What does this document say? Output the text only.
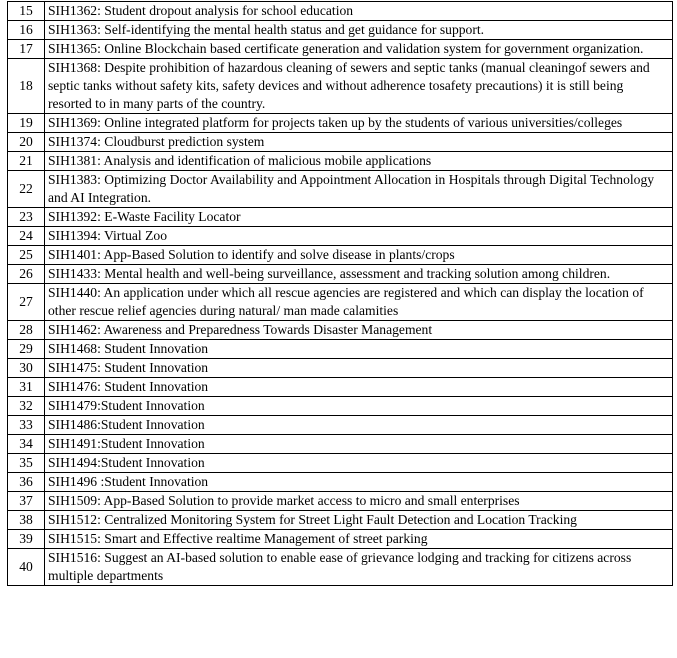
15	SIH1362: Student dropout analysis for school education
16	SIH1363: Self-identifying the mental health status and get guidance for support.
17	SIH1365: Online Blockchain based certificate generation and validation system for government organization.
18	SIH1368: Despite prohibition of hazardous cleaning of sewers and septic tanks (manual cleaningof sewers and septic tanks without safety kits, safety devices and without adherence tosafety precautions) it is still being resorted to in many parts of the country.
19	SIH1369: Online integrated platform for projects taken up by the students of various universities/colleges
20	SIH1374: Cloudburst prediction system
21	SIH1381: Analysis and identification of malicious mobile applications
22	SIH1383: Optimizing Doctor Availability and Appointment Allocation in Hospitals through Digital Technology and AI Integration.
23	SIH1392: E-Waste Facility Locator
24	SIH1394: Virtual Zoo
25	SIH1401: App-Based Solution to identify and solve disease in plants/crops
26	SIH1433: Mental health and well-being surveillance, assessment and tracking solution among children.
27	SIH1440: An application under which all rescue agencies are registered and which can display the location of other rescue relief agencies during natural/ man made calamities
28	SIH1462: Awareness and Preparedness Towards Disaster Management
29	SIH1468: Student Innovation
30	SIH1475: Student Innovation
31	SIH1476: Student Innovation
32	SIH1479:Student Innovation
33	SIH1486:Student Innovation
34	SIH1491:Student Innovation
35	SIH1494:Student Innovation
36	SIH1496 :Student Innovation
37	SIH1509: App-Based Solution to provide market access to micro and small enterprises
38	SIH1512: Centralized Monitoring System for Street Light Fault Detection and Location Tracking
39	SIH1515: Smart and Effective realtime Management of street parking
40	SIH1516: Suggest an AI-based solution to enable ease of grievance lodging and tracking for citizens across multiple departments
